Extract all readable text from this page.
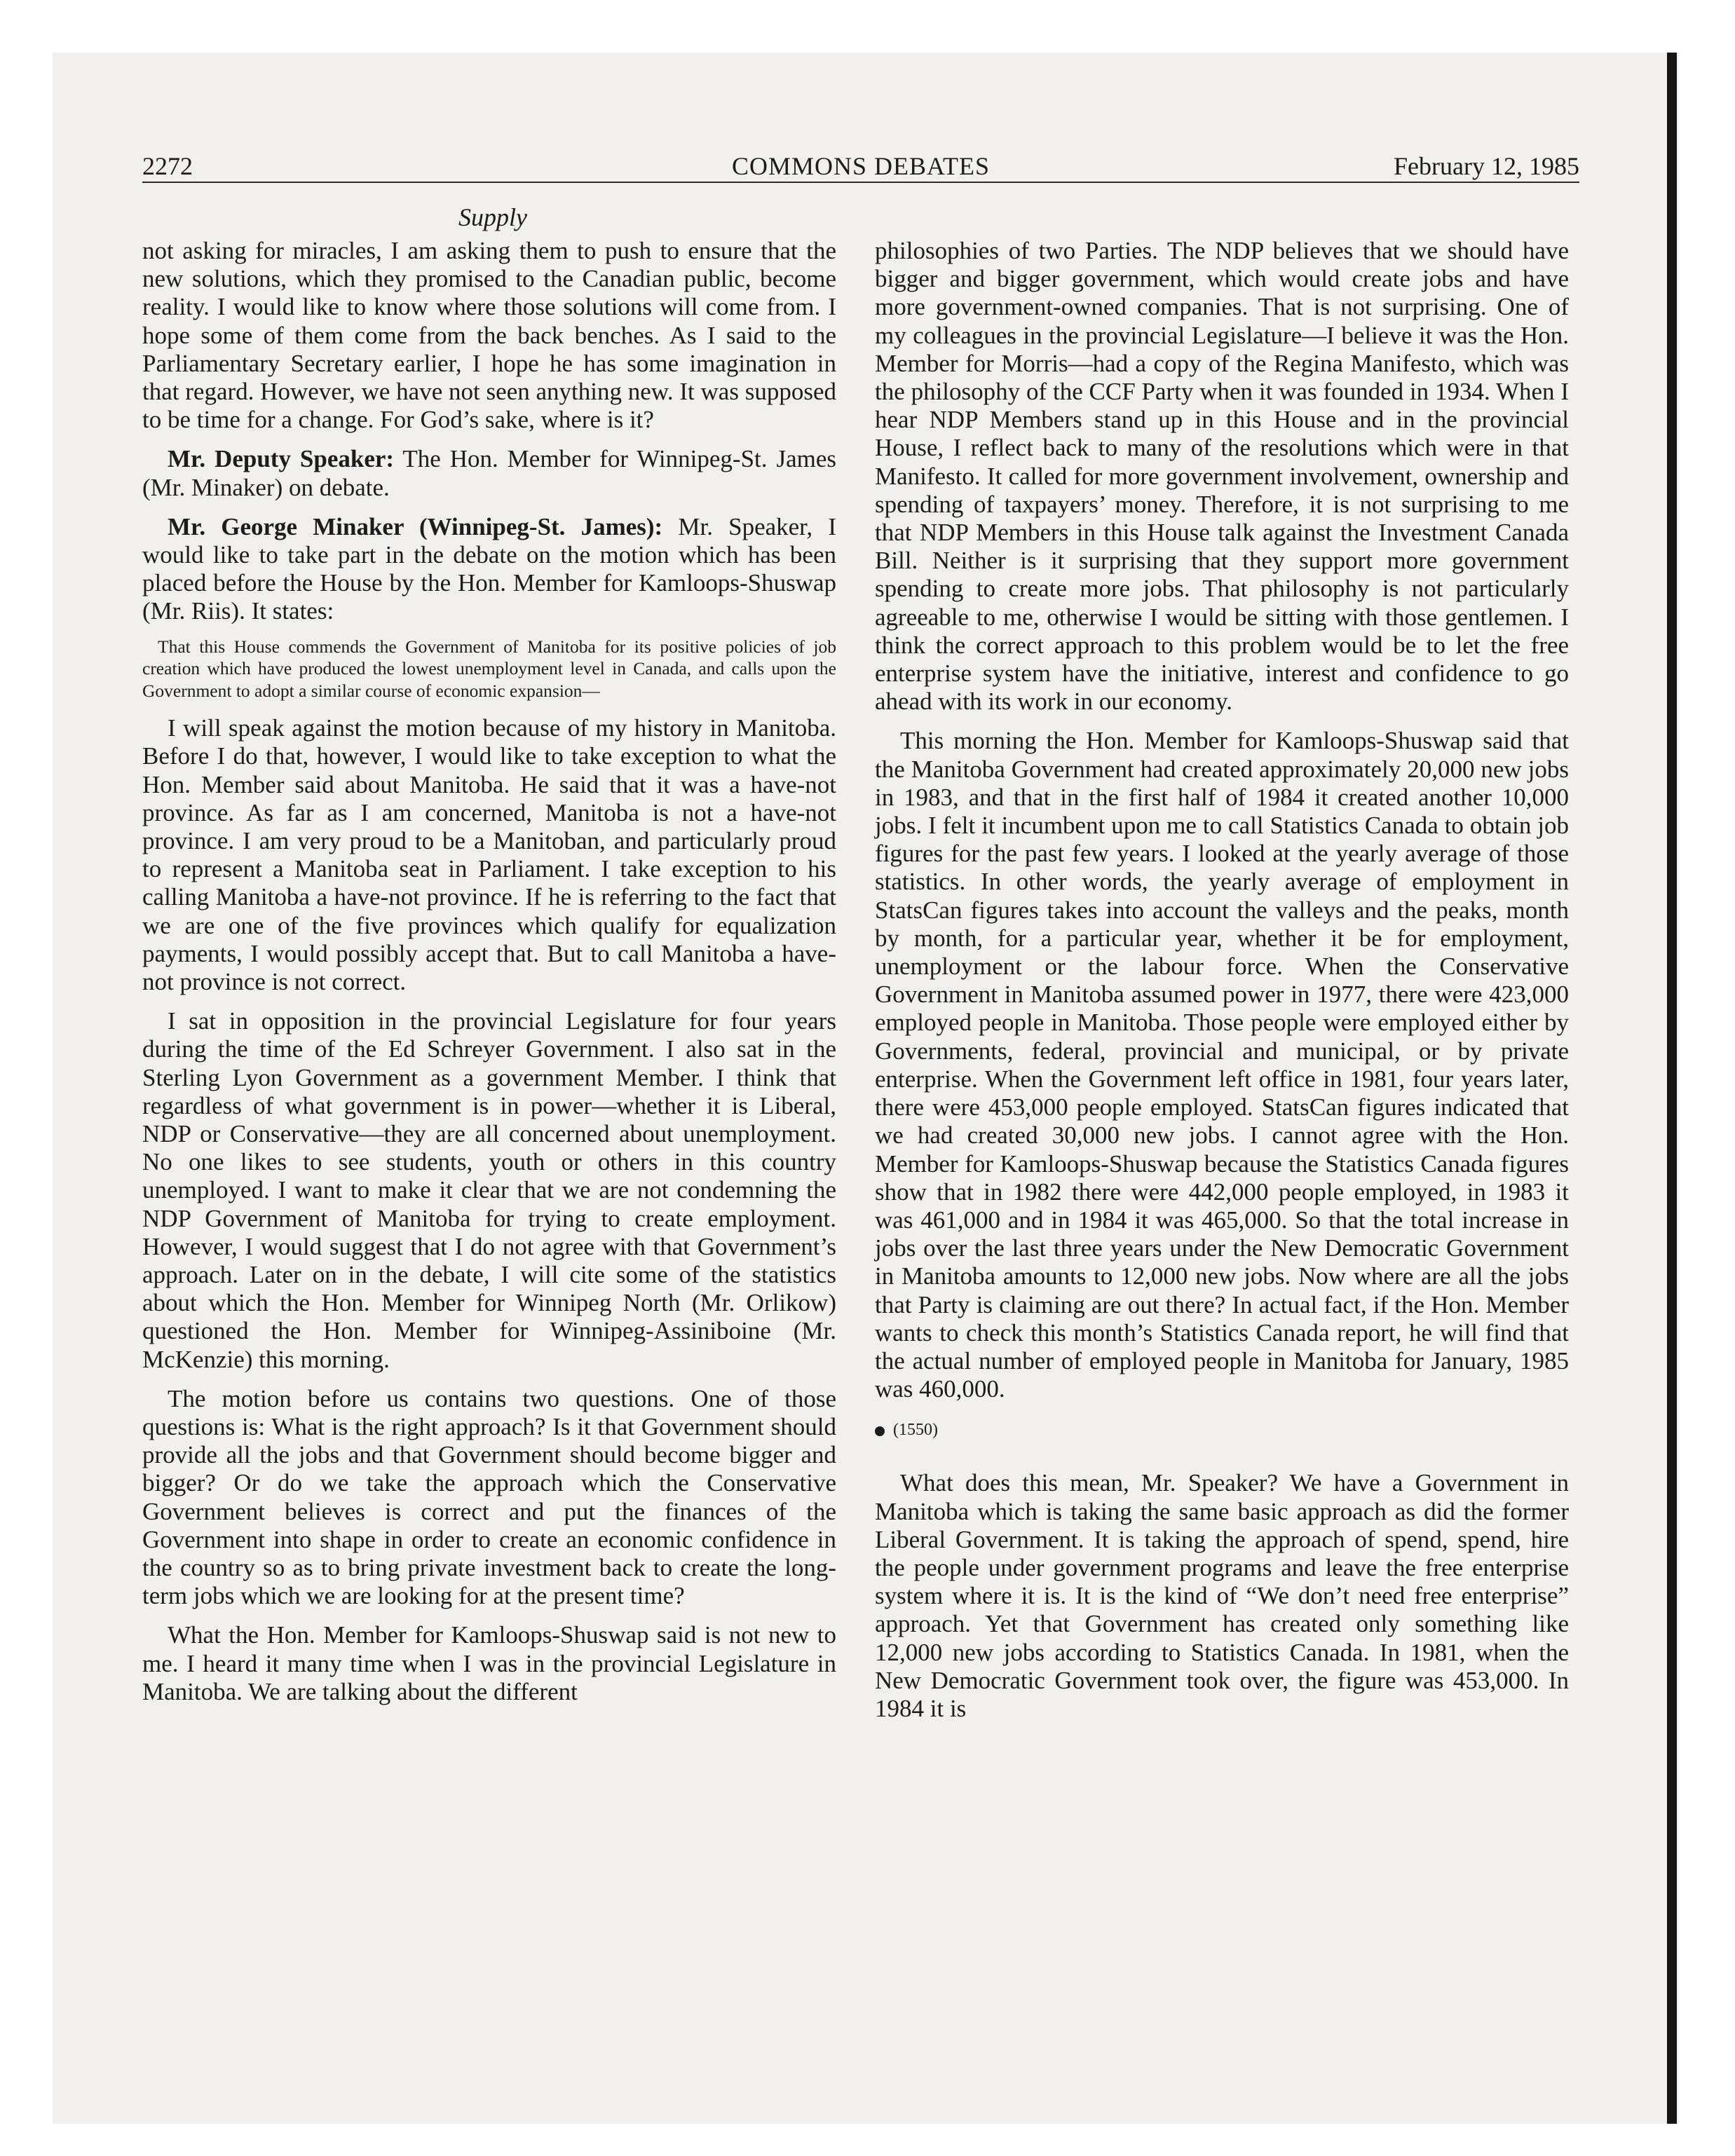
2272	COMMONS DEBATES	February 12, 1985
Supply

not asking for miracles, I am asking them to push to ensure that the new solutions, which they promised to the Canadian public, become reality. I would like to know where those solutions will come from. I hope some of them come from the back benches. As I said to the Parliamentary Secretary earlier, I hope he has some imagination in that regard. However, we have not seen anything new. It was supposed to be time for a change. For God’s sake, where is it?

Mr. Deputy Speaker: The Hon. Member for Winnipeg-St. James (Mr. Minaker) on debate.

Mr. George Minaker (Winnipeg-St. James): Mr. Speaker, I would like to take part in the debate on the motion which has been placed before the House by the Hon. Member for Kamloops-Shuswap (Mr. Riis). It states:

That this House commends the Government of Manitoba for its positive policies of job creation which have produced the lowest unemployment level in Canada, and calls upon the Government to adopt a similar course of economic expansion—

I will speak against the motion because of my history in Manitoba. Before I do that, however, I would like to take exception to what the Hon. Member said about Manitoba. He said that it was a have-not province. As far as I am concerned, Manitoba is not a have-not province. I am very proud to be a Manitoban, and particularly proud to represent a Manitoba seat in Parliament. I take exception to his calling Manitoba a have-not province. If he is referring to the fact that we are one of the five provinces which qualify for equalization payments, I would possibly accept that. But to call Manitoba a have-not province is not correct.

I sat in opposition in the provincial Legislature for four years during the time of the Ed Schreyer Government. I also sat in the Sterling Lyon Government as a government Member. I think that regardless of what government is in power—whether it is Liberal, NDP or Conservative—they are all concerned about unemployment. No one likes to see students, youth or others in this country unemployed. I want to make it clear that we are not condemning the NDP Government of Manitoba for trying to create employment. However, I would suggest that I do not agree with that Government’s approach. Later on in the debate, I will cite some of the statistics about which the Hon. Member for Winnipeg North (Mr. Orlikow) questioned the Hon. Member for Winnipeg-Assiniboine (Mr. McKenzie) this morning.

The motion before us contains two questions. One of those questions is: What is the right approach? Is it that Government should provide all the jobs and that Government should become bigger and bigger? Or do we take the approach which the Conservative Government believes is correct and put the finances of the Government into shape in order to create an economic confidence in the country so as to bring private investment back to create the long-term jobs which we are looking for at the present time?

What the Hon. Member for Kamloops-Shuswap said is not new to me. I heard it many time when I was in the provincial Legislature in Manitoba. We are talking about the different

philosophies of two Parties. The NDP believes that we should have bigger and bigger government, which would create jobs and have more government-owned companies. That is not surprising. One of my colleagues in the provincial Legislature—I believe it was the Hon. Member for Morris—had a copy of the Regina Manifesto, which was the philosophy of the CCF Party when it was founded in 1934. When I hear NDP Members stand up in this House and in the provincial House, I reflect back to many of the resolutions which were in that Manifesto. It called for more government involvement, ownership and spending of taxpayers’ money. Therefore, it is not surprising to me that NDP Members in this House talk against the Investment Canada Bill. Neither is it surprising that they support more government spending to create more jobs. That philosophy is not particularly agreeable to me, otherwise I would be sitting with those gentlemen. I think the correct approach to this problem would be to let the free enterprise system have the initiative, interest and confidence to go ahead with its work in our economy.

This morning the Hon. Member for Kamloops-Shuswap said that the Manitoba Government had created approximately 20,000 new jobs in 1983, and that in the first half of 1984 it created another 10,000 jobs. I felt it incumbent upon me to call Statistics Canada to obtain job figures for the past few years. I looked at the yearly average of those statistics. In other words, the yearly average of employment in StatsCan figures takes into account the valleys and the peaks, month by month, for a particular year, whether it be for employment, unemployment or the labour force. When the Conservative Government in Manitoba assumed power in 1977, there were 423,000 employed people in Manitoba. Those people were employed either by Governments, federal, provincial and municipal, or by private enterprise. When the Government left office in 1981, four years later, there were 453,000 people employed. StatsCan figures indicated that we had created 30,000 new jobs. I cannot agree with the Hon. Member for Kamloops-Shuswap because the Statistics Canada figures show that in 1982 there were 442,000 people employed, in 1983 it was 461,000 and in 1984 it was 465,000. So that the total increase in jobs over the last three years under the New Democratic Government in Manitoba amounts to 12,000 new jobs. Now where are all the jobs that Party is claiming are out there? In actual fact, if the Hon. Member wants to check this month’s Statistics Canada report, he will find that the actual number of employed people in Manitoba for January, 1985 was 460,000.

(1550)

What does this mean, Mr. Speaker? We have a Government in Manitoba which is taking the same basic approach as did the former Liberal Government. It is taking the approach of spend, spend, hire the people under government programs and leave the free enterprise system where it is. It is the kind of “We don’t need free enterprise” approach. Yet that Government has created only something like 12,000 new jobs according to Statistics Canada. In 1981, when the New Democratic Government took over, the figure was 453,000. In 1984 it is
